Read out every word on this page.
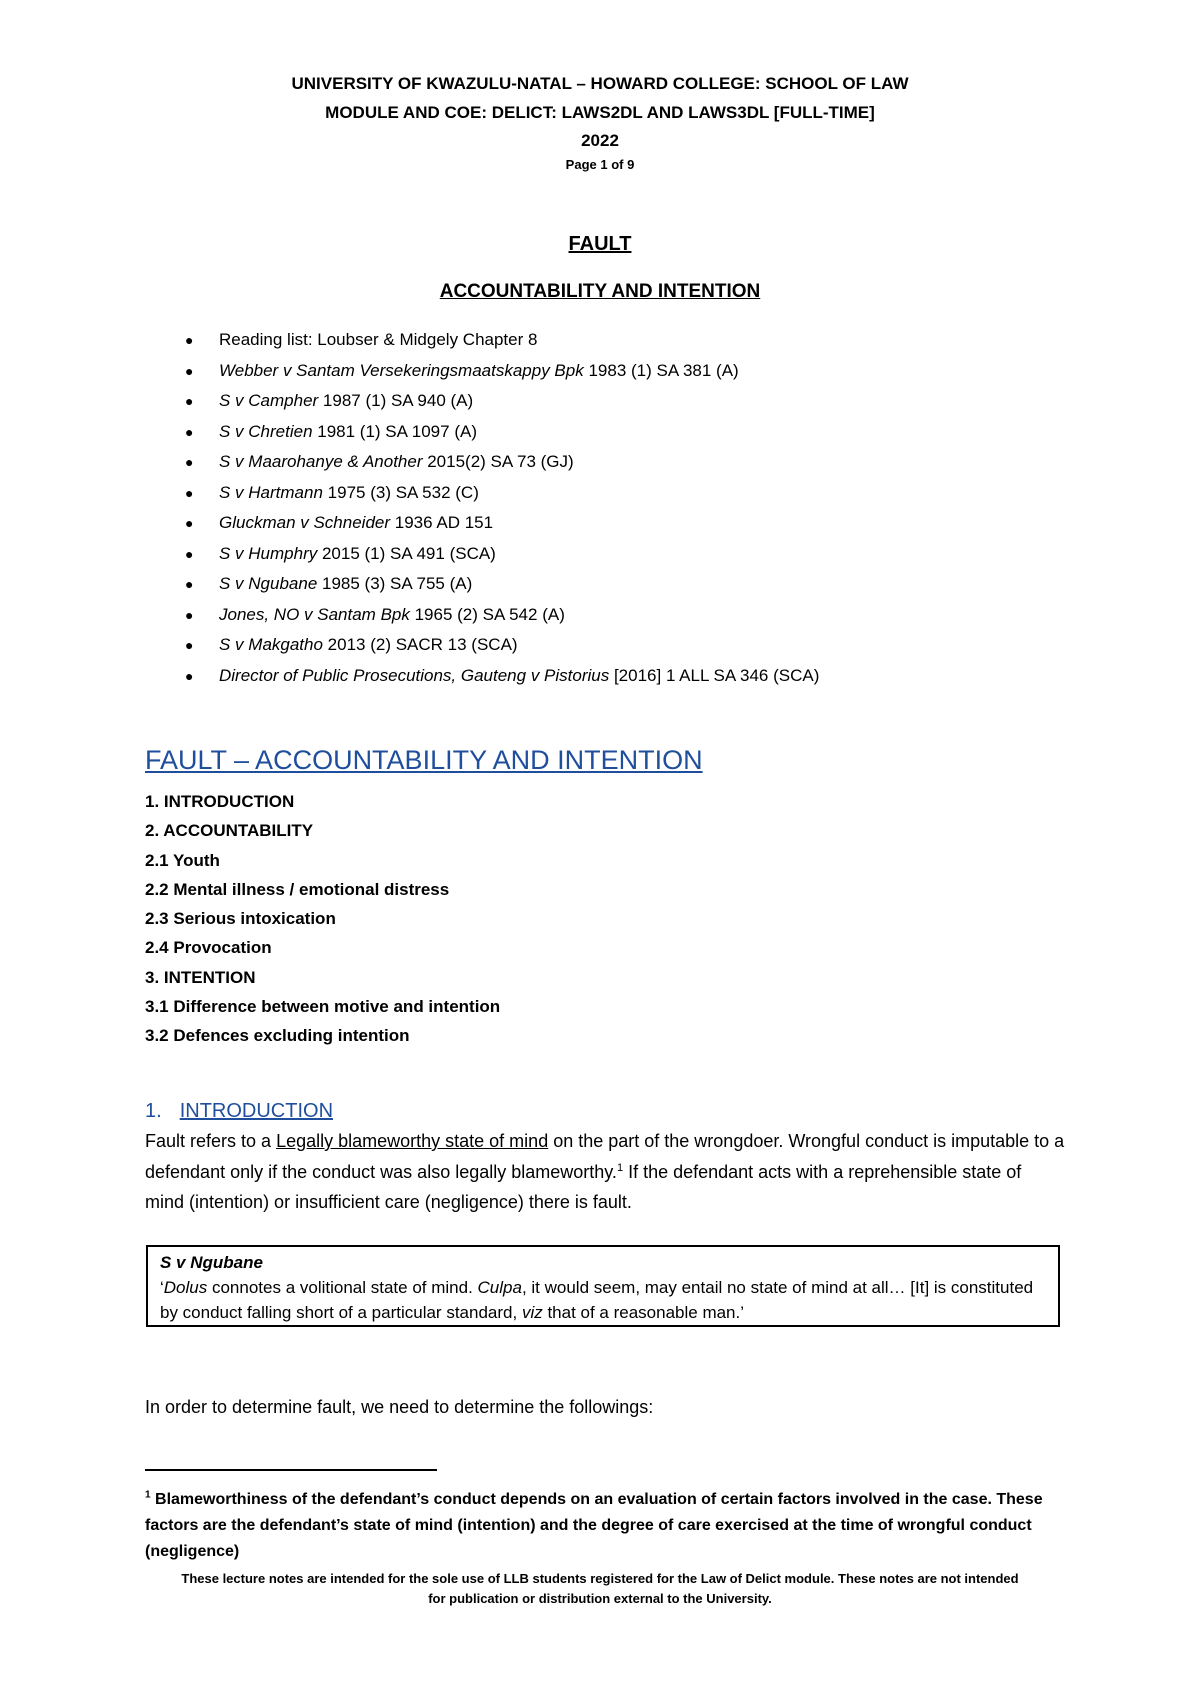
UNIVERSITY OF KWAZULU-NATAL – HOWARD COLLEGE: SCHOOL OF LAW
MODULE AND COE: DELICT: LAWS2DL AND LAWS3DL [FULL-TIME]
2022
Page 1 of 9
FAULT
ACCOUNTABILITY AND INTENTION
● Reading list: Loubser & Midgely Chapter 8
● Webber v Santam Versekeringsmaatskappy Bpk 1983 (1) SA 381 (A)
● S v Campher 1987 (1) SA 940 (A)
● S v Chretien 1981 (1) SA 1097 (A)
● S v Maarohanye & Another 2015(2) SA 73 (GJ)
● S v Hartmann 1975 (3) SA 532 (C)
● Gluckman v Schneider 1936 AD 151
● S v Humphry 2015 (1) SA 491 (SCA)
● S v Ngubane 1985 (3) SA 755 (A)
● Jones, NO v Santam Bpk 1965 (2) SA 542 (A)
● S v Makgatho 2013 (2) SACR 13 (SCA)
● Director of Public Prosecutions, Gauteng v Pistorius [2016] 1 ALL SA 346 (SCA)
FAULT – ACCOUNTABILITY AND INTENTION
1. INTRODUCTION
2. ACCOUNTABILITY
2.1 Youth
2.2 Mental illness / emotional distress
2.3 Serious intoxication
2.4 Provocation
3. INTENTION
3.1 Difference between motive and intention
3.2 Defences excluding intention
1. INTRODUCTION
Fault refers to a Legally blameworthy state of mind on the part of the wrongdoer. Wrongful conduct is imputable to a defendant only if the conduct was also legally blameworthy.$^1$ If the defendant acts with a reprehensible state of mind (intention) or insufficient care (negligence) there is fault.
S v Ngubane
‘Dolus connotes a volitional state of mind. Culpa, it would seem, may entail no state of mind at all… [It] is constituted by conduct falling short of a particular standard, viz that of a reasonable man.’
In order to determine fault, we need to determine the followings:
$^1$ Blameworthiness of the defendant’s conduct depends on an evaluation of certain factors involved in the case. These factors are the defendant’s state of mind (intention) and the degree of care exercised at the time of wrongful conduct (negligence)
These lecture notes are intended for the sole use of LLB students registered for the Law of Delict module. These notes are not intended
for publication or distribution external to the University.
